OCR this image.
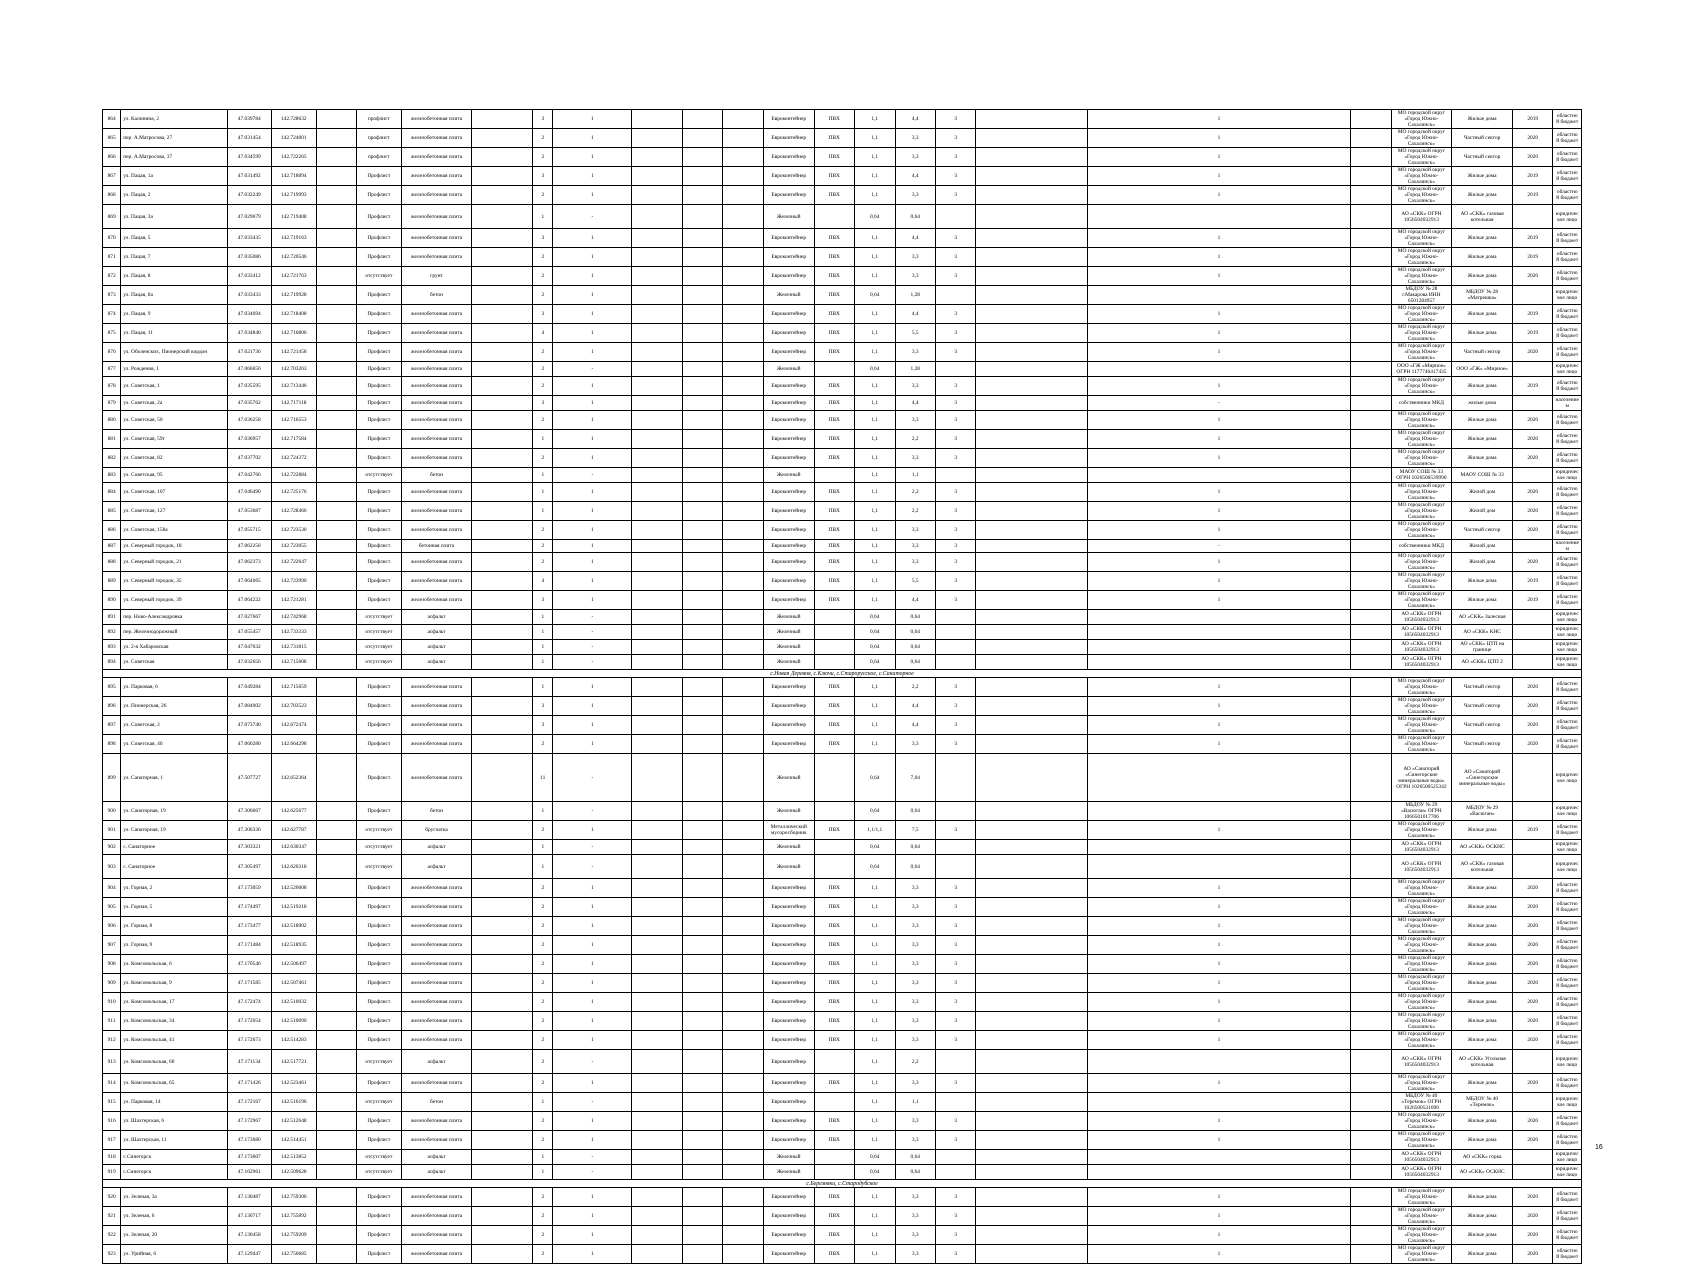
864	ул. Калинина, 2	47.039784	142.728632		профлист	железобетонная плита		3	1				Евроконтейнер	ПВХ	1,1	4,4	3		1		МО городской округ «Город Южно-Сахалинск»	Жилые дома	2019	областной бюджет
865	пер. А.Матросова, 27	47.031454	142.724001		профлист	железобетонная плита		2	1				Евроконтейнер	ПВХ	1,1	3,3	3		1		МО городской округ «Город Южно-Сахалинск»	Частный сектор	2020	областной бюджет
866	пер. А.Матросова, 37	47.034599	142.722265		профлист	железобетонная плита		2	1				Евроконтейнер	ПВХ	1,1	3,3	3		1		МО городской округ «Город Южно-Сахалинск»	Частный сектор	2020	областной бюджет
867	ул. Пацая, 1а	47.031492	142.718894		Профлист	железобетонная плита		3	1				Евроконтейнер	ПВХ	1,1	4,4	3		1		МО городской округ «Город Южно-Сахалинск»	Жилые дома	2019	областной бюджет
868	ул. Пацая, 2	47.032249	142.719993		Профлист	железобетонная плита		2	1				Евроконтейнер	ПВХ	1,1	3,3	3		1		МО городской округ «Город Южно-Сахалинск»	Жилые дома	2019	областной бюджет
869	ул. Пацая, 3а	47.029679	142.719408		Профлист	железобетонная плита		1	-				Железный		0,64	0,64					АО «СКК» ОГРН 1056504032913	АО «СКК» газовая котельная		юридическое лицо
870	ул. Пацая, 5	47.033435	142.719163		Профлист	железобетонная плита		3	1				Евроконтейнер	ПВХ	1,1	4,4	3		1		МО городской округ «Город Южно-Сахалинск»	Жилые дома	2019	областной бюджет
871	ул. Пацая, 7	47.035086	142.720546		Профлист	железобетонная плита		2	1				Евроконтейнер	ПВХ	1,1	3,3	3		1		МО городской округ «Город Южно-Сахалинск»	Жилые дома	2019	областной бюджет
872	ул. Пацая, 8	47.033412	142.721763		отсутствует	грунт		2	1				Евроконтейнер	ПВХ	1,1	3,3	3		1		МО городской округ «Город Южно-Сахалинск»	Жилые дома	2020	областной бюджет
873	ул. Пацая, 8а	47.033433	142.719928		Профлист	бетон		2	1				Железный	ПВХ	0,64	1,28					МБДОУ № 28 г.Макарова ИНН 6501284957	МБДОУ № 28 «Матрешка»		юридическое лицо
874	ул. Пацая, 9	47.034694	142.718408		Профлист	железобетонная плита		3	1				Евроконтейнер	ПВХ	1,1	4,4	3		1		МО городской округ «Город Южно-Сахалинск»	Жилые дома	2019	областной бюджет
875	ул. Пацая, 11	47.034840	142.716806		Профлист	железобетонная плита		4	1				Евроконтейнер	ПВХ	1,1	5,5	3		1		МО городской округ «Город Южно-Сахалинск»	Жилые дома	2019	областной бюджет
876	ул. Оболенских, Пионерский кордон	47.021736	142.721458		Профлист	железобетонная плита		2	1				Евроконтейнер	ПВХ	1,1	3,3	3		1		МО городской округ «Город Южно-Сахалинск»	Частный сектор	2020	областной бюджет
877	ул. Рождения, 1	47.066656	142.703263		Профлист	железобетонная плита		2	-				Железный		0,64	1,28					ООО «ГЖ «Мирное» ОГРН 1177746417435	ООО «ГЖ» «Мирное»		юридическое лицо
878	ул. Советская, 1	47.035595	142.713446		Профлист	железобетонная плита		2	1				Евроконтейнер	ПВХ	1,1	3,3	3		1		МО городской округ «Город Южно-Сахалинск»	Жилые дома	2019	областной бюджет
879	ул. Советская, 2а	47.035762	142.717118		Профлист	железобетонная плита		3	1				Евроконтейнер	ПВХ	1,1	4,4	3		-		собственники МКД	жилые дома		населением
880	ул. Советская, 50	47.036258	142.716553		Профлист	железобетонная плита		2	1				Евроконтейнер	ПВХ	1,1	3,3	3		1		МО городской округ «Город Южно-Сахалинск»	Жилые дома	2020	областной бюджет
881	ул. Советская, 59г	47.036957	142.717584		Профлист	железобетонная плита		1	1				Евроконтейнер	ПВХ	1,1	2,2	3		1		МО городской округ «Город Южно-Сахалинск»	Жилые дома	2020	областной бюджет
882	ул. Советская, 82	47.037702	142.724372		Профлист	железобетонная плита		2	1				Евроконтейнер	ПВХ	1,1	3,3	3		1		МО городской округ «Город Южно-Сахалинск»	Жилые дома	2020	областной бюджет
883	ул. Советская, 95	47.042766	142.722884		отсутствует	бетон		1	-				Железный		1,1	1,1					МАОУ СОШ № 33 ОГРН 1026500539990	МАОУ СОШ № 33		юридическое лицо
884	ул. Советская, 107	47.046490	142.725176		Профлист	железобетонная плита		1	1				Евроконтейнер	ПВХ	1,1	2,2	3		1		МО городской округ «Город Южно-Сахалинск»	Жилой дом	2020	областной бюджет
885	ул. Советская, 127	47.053687	142.728466		Профлист	железобетонная плита		1	1				Евроконтейнер	ПВХ	1,1	2,2	3		1		МО городской округ «Город Южно-Сахалинск»	Жилой дом	2020	областной бюджет
886	ул. Советская, 158а	47.055715	142.723530		Профлист	железобетонная плита		2	1				Евроконтейнер	ПВХ	1,1	3,3	3		1		МО городской округ «Город Южно-Сахалинск»	Частный сектор	2020	областной бюджет
887	ул. Северный городок, 18	47.062256	142.723055		Профлист	бетонная плита		2	1				Евроконтейнер	ПВХ	1,1	3,3	3		-		собственники МКД	Жилой дом		населением
888	ул. Северный городок, 21	47.062373	142.722647		Профлист	железобетонная плита		2	1				Евроконтейнер	ПВХ	1,1	3,3	3		1		МО городской округ «Город Южно-Сахалинск»	Жилой дом	2020	областной бюджет
889	ул. Северный городок, 35	47.064665	142.723990		Профлист	железобетонная плита		4	1				Евроконтейнер	ПВХ	1,1	5,5	3		1		МО городской округ «Город Южно-Сахалинск»	Жилые дома	2019	областной бюджет
890	ул. Северный городок, 39	47.064222	142.721281		Профлист	железобетонная плита		3	1				Евроконтейнер	ПВХ	1,1	4,4	3		1		МО городской округ «Город Южно-Сахалинск»	Жилые дома	2019	областной бюджет
891	пер. Ново-Александровка	47.027667	142.742968		отсутствует	асфальт		1	-				Железный		0,64	0,64					АО «СКК» ОГРН 1056504032913	АО «СКК» Залесная		юридическое лицо
892	пер. Железнодорожный	47.055457	142.733333		отсутствует	асфальт		1	-				Железный		0,64	0,64					АО «СКК» ОГРН 1056504032913	АО «СКК» КНС		юридическое лицо
893	ул. 2-я Хабаровская	47.047632	142.731815		отсутствует	асфальт		1	-				Железный		0,64	0,64					АО «СКК» ОГРН 1056504032913	АО «СКК» ЦТП на границе		юридическое лицо
894	ул. Советская	47.032656	142.715608		отсутствует	асфальт		1	-				Железный		0,64	0,64					АО «СКК» ОГРН 1056504032913	АО «СКК» ЦТП 2		юридическое лицо
с.Новая Деревня, с.Ключи, с.Старорусское, с.Санаторное																								
895	ул. Парковая, 6	47.049284	142.715659		Профлист	железобетонная плита		1	1				Евроконтейнер	ПВХ	1,1	2,2	3		1		МО городской округ «Город Южно-Сахалинск»	Частный сектор	2020	областной бюджет
896	ул. Пионерская, 26	47.084002	142.703523		Профлист	железобетонная плита		3	1				Евроконтейнер	ПВХ	1,1	4,4	3		1		МО городской округ «Город Южно-Сахалинск»	Частный сектор	2020	областной бюджет
897	ул. Советская, 2	47.073740	142.672474		Профлист	железобетонная плита		3	1				Евроконтейнер	ПВХ	1,1	4,4	3		1		МО городской округ «Город Южно-Сахалинск»	Частный сектор	2020	областной бюджет
898	ул. Советская, 40	47.060280	142.664298		Профлист	железобетонная плита		2	1				Евроконтейнер	ПВХ	1,1	3,3	3		1		МО городской округ «Город Южно-Сахалинск»	Частный сектор	2020	областной бюджет
899	ул. Санаторная, 1	47.507727	142.652364		Профлист	железобетонная плита		11	-				Железный		0,64	7,04					АО «Санаторий «Синегорские минеральные воды» ОГРН 1026500525342	АО «Санаторий «Синегорские минеральные воды»		юридическое лицо
900	ул. Санаторная, 19	47.306667	142.625677		Профлист	бетон		1	-				Железный		0,64	0,64					МБДОУ № 29 «Васюган» ОГРН 1066501017706	МБДОУ № 29 «Васюган»		юридическое лицо
901	ул. Санаторная, 19	47.306336	142.627787		отсутствует	брусчатка		2	1				Металлический мусоросборник	ПВХ	1,1/1,1	7,5	3		1		МО городской округ «Город Южно-Сахалинск»	Жилые дома	2019	областной бюджет
902	с. Санаторное	47.303321	142.630347		отсутствует	асфальт		1	-				Железный		0,64	0,64					АО «СКК» ОГРН 1056504032913	АО «СКК» ОСКНС		юридическое лицо
903	с. Санаторное	47.305497	142.620318		отсутствует	асфальт		1	-				Железный		0,64	0,64					АО «СКК» ОГРН 1056504032913	АО «СКК» газовая котельная		юридическое лицо
904	ул. Горная, 2	47.173059	142.520608		Профлист	железобетонная плита		2	1				Евроконтейнер	ПВХ	1,1	3,3	3		1		МО городской округ «Город Южно-Сахалинск»	Жилые дома	2020	областной бюджет
905	ул. Горная, 5	47.174497	142.519218		Профлист	железобетонная плита		2	1				Евроконтейнер	ПВХ	1,1	3,3	3		1		МО городской округ «Город Южно-Сахалинск»	Жилые дома	2020	областной бюджет
906	ул. Горная, 8	47.173477	142.518902		Профлист	железобетонная плита		2	1				Евроконтейнер	ПВХ	1,1	3,3	3		1		МО городской округ «Город Южно-Сахалинск»	Жилые дома	2020	областной бюджет
907	ул. Горная, 9	47.171484	142.518935		Профлист	железобетонная плита		2	1				Евроконтейнер	ПВХ	1,1	3,3	3		1		МО городской округ «Город Южно-Сахалинск»	Жилые дома	2020	областной бюджет
908	ул. Комсомольская, 6	47.170546	142.506497		Профлист	железобетонная плита		2	1				Евроконтейнер	ПВХ	1,1	3,3	3		1		МО городской округ «Город Южно-Сахалинск»	Жилые дома	2020	областной бюджет
909	ул. Комсомольская, 9	47.171585	142.507461		Профлист	железобетонная плита		2	1				Евроконтейнер	ПВХ	1,1	3,3	3		1		МО городской округ «Город Южно-Сахалинск»	Жилые дома	2020	областной бюджет
910	ул. Комсомольская, 17	47.172474	142.510032		Профлист	железобетонная плита		2	1				Евроконтейнер	ПВХ	1,1	3,3	3		1		МО городской округ «Город Южно-Сахалинск»	Жилые дома	2020	областной бюджет
911	ул. Комсомольская, 34	47.172054	142.510090		Профлист	железобетонная плита		2	1				Евроконтейнер	ПВХ	1,1	3,3	3		1		МО городской округ «Город Южно-Сахалинск»	Жилые дома	2020	областной бюджет
912	ул. Комсомольская, 41	47.172673	142.514283		Профлист	железобетонная плита		2	1				Евроконтейнер	ПВХ	1,1	3,3	3		1		МО городской округ «Город Южно-Сахалинск»	Жилые дома	2020	областной бюджет
913	ул. Комсомольская, 60	47.171134	142.517721		отсутствует	асфальт		2	-				Евроконтейнер		1,1	2,2					АО «СКК» ОГРН 1056504032913	АО «СКК» Угольная котельная		юридическое лицо
914	ул. Комсомольская, 65	47.171426	142.523461		Профлист	железобетонная плита		2	1				Евроконтейнер	ПВХ	1,1	3,3	3		1		МО городской округ «Город Южно-Сахалинск»	Жилые дома	2020	областной бюджет
915	ул. Парковая, 14	47.172167	142.516196		отсутствует	бетон		1	-				Евроконтейнер		1,1	1,1					МБДОУ № 40 «Теремок» ОГРН 1026500531690	МБДОУ № 40 «Теремок»		юридическое лицо
916	ул. Шахтерская, 6	47.172967	142.512648		Профлист	железобетонная плита		2	1				Евроконтейнер	ПВХ	1,1	3,3	3		1		МО городской округ «Город Южно-Сахалинск»	Жилые дома	2020	областной бюджет
917	ул. Шахтерская, 11	47.173680	142.514451		Профлист	железобетонная плита		2	1				Евроконтейнер	ПВХ	1,1	3,3	3		1		МО городской округ «Город Южно-Сахалинск»	Жилые дома	2020	областной бюджет
918	с.Синегорск	47.173607	142.513852		отсутствует	асфальт		1	-				Железный		0,64	0,64					АО «СКК» ОГРН 1056504032913	АО «СКК» горка		юридическое лицо
919	с.Синегорск	47.162961	142.509628		отсутствует	асфальт		1	-				Железный		0,64	0,64					АО «СКК» ОГРН 1056504032913	АО «СКК» ОСКНС		юридическое лицо
с.Березняки, с.Стародубское																								
920	ул. Зеленая, 3а	47.130487	142.759306		Профлист	железобетонная плита		2	1				Евроконтейнер	ПВХ	1,1	3,3	3		1		МО городской округ «Город Южно-Сахалинск»	Жилые дома	2020	областной бюджет
921	ул. Зеленая, 6	47.130717	142.755892		Профлист	железобетонная плита		2	1				Евроконтейнер	ПВХ	1,1	3,3	3		1		МО городской округ «Город Южно-Сахалинск»	Жилые дома	2020	областной бюджет
922	ул. Зеленая, 20	47.130458	142.759209		Профлист	железобетонная плита		2	1				Евроконтейнер	ПВХ	1,1	3,3	3		1		МО городской округ «Город Южно-Сахалинск»	Жилые дома	2020	областной бюджет
923	ул. Урийная, 6	47.129447	142.756685		Профлист	железобетонная плита		2	1				Евроконтейнер	ПВХ	1,1	3,3	3		1		МО городской округ «Город Южно-Сахалинск»	Жилые дома	2020	областной бюджет
16
